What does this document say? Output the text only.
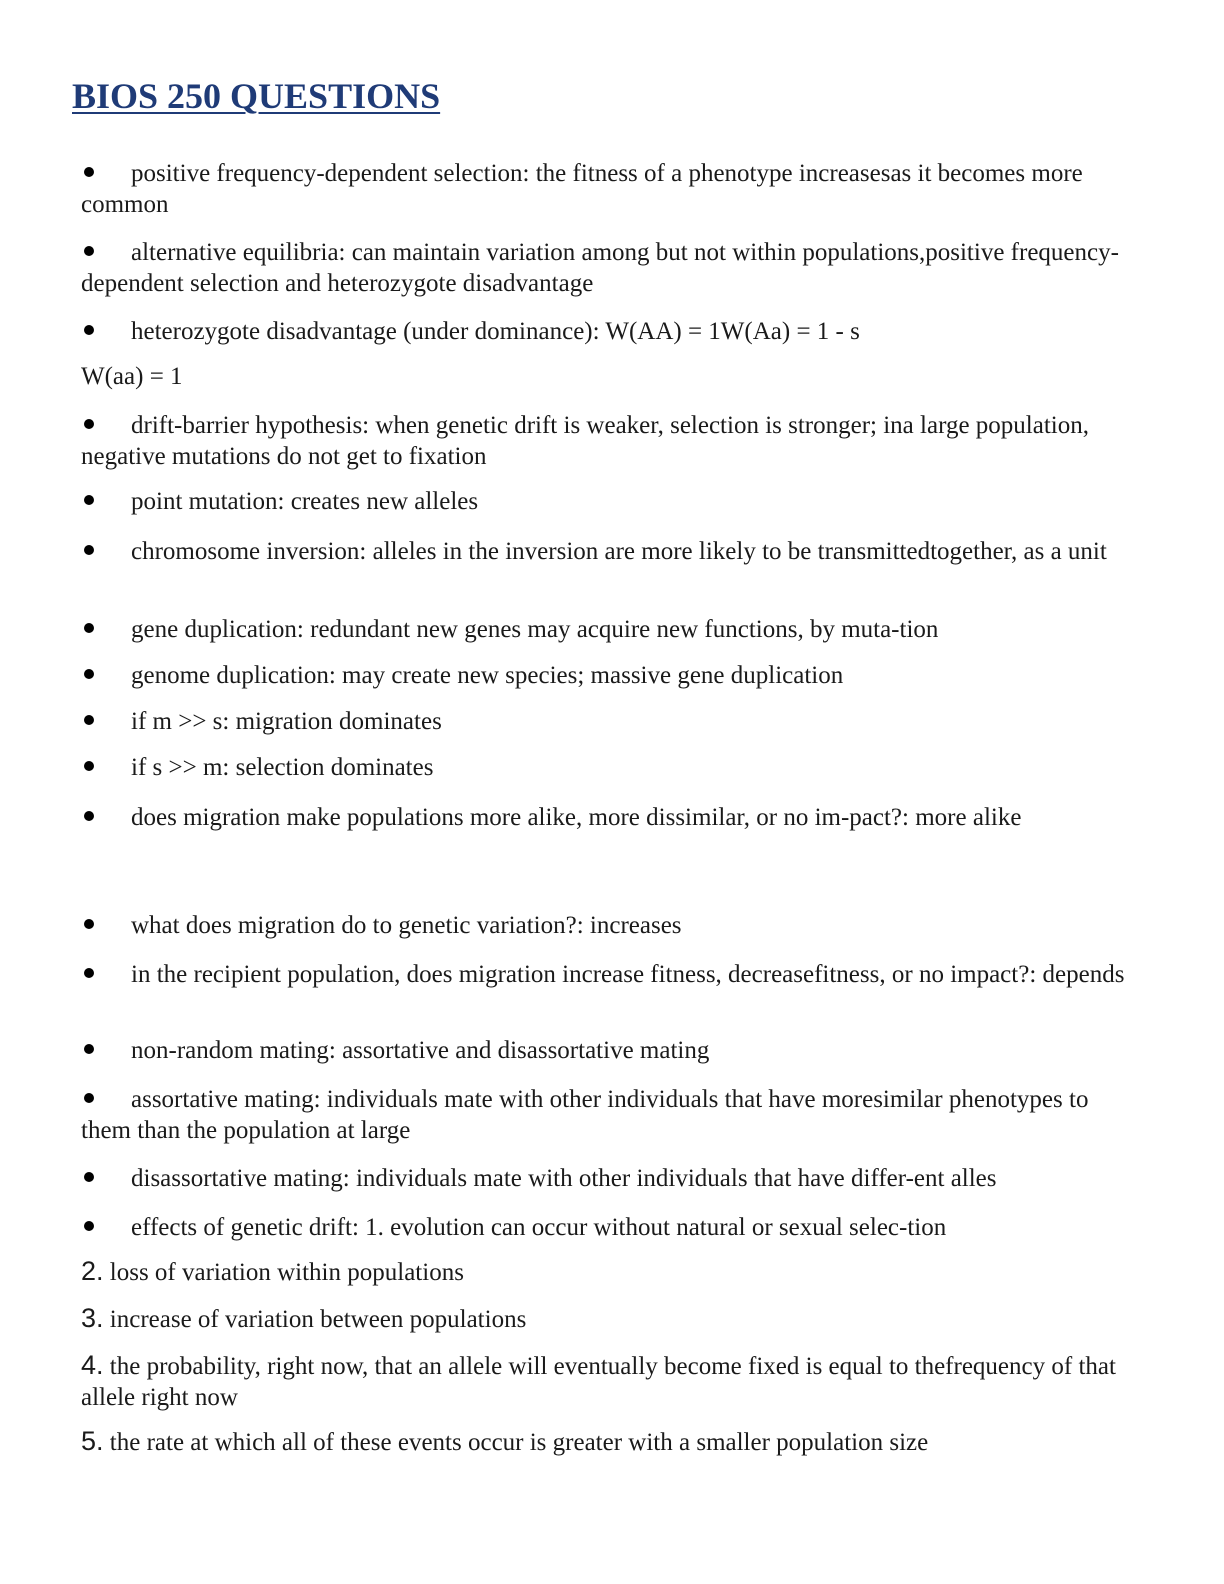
BIOS 250 QUESTIONS
positive frequency-dependent selection: the fitness of a phenotype increasesas it becomes more common
alternative equilibria: can maintain variation among but not within populations,positive frequency-dependent selection and heterozygote disadvantage
heterozygote disadvantage (under dominance): W(AA) = 1W(Aa) = 1 - s
W(aa) = 1
drift-barrier hypothesis: when genetic drift is weaker, selection is stronger; ina large population, negative mutations do not get to fixation
point mutation: creates new alleles
chromosome inversion: alleles in the inversion are more likely to be transmittedtogether, as a unit
gene duplication: redundant new genes may acquire new functions, by muta-tion
genome duplication: may create new species; massive gene duplication
if m >> s: migration dominates
if s >> m: selection dominates
does migration make populations more alike, more dissimilar, or no im-pact?: more alike
what does migration do to genetic variation?: increases
in the recipient population, does migration increase fitness, decreasefitness, or no impact?: depends
non-random mating: assortative and disassortative mating
assortative mating: individuals mate with other individuals that have moresimilar phenotypes to them than the population at large
disassortative mating: individuals mate with other individuals that have differ-ent alles
effects of genetic drift: 1. evolution can occur without natural or sexual selec-tion
2. loss of variation within populations
3. increase of variation between populations
4. the probability, right now, that an allele will eventually become fixed is equal to thefrequency of that allele right now
5. the rate at which all of these events occur is greater with a smaller population size
